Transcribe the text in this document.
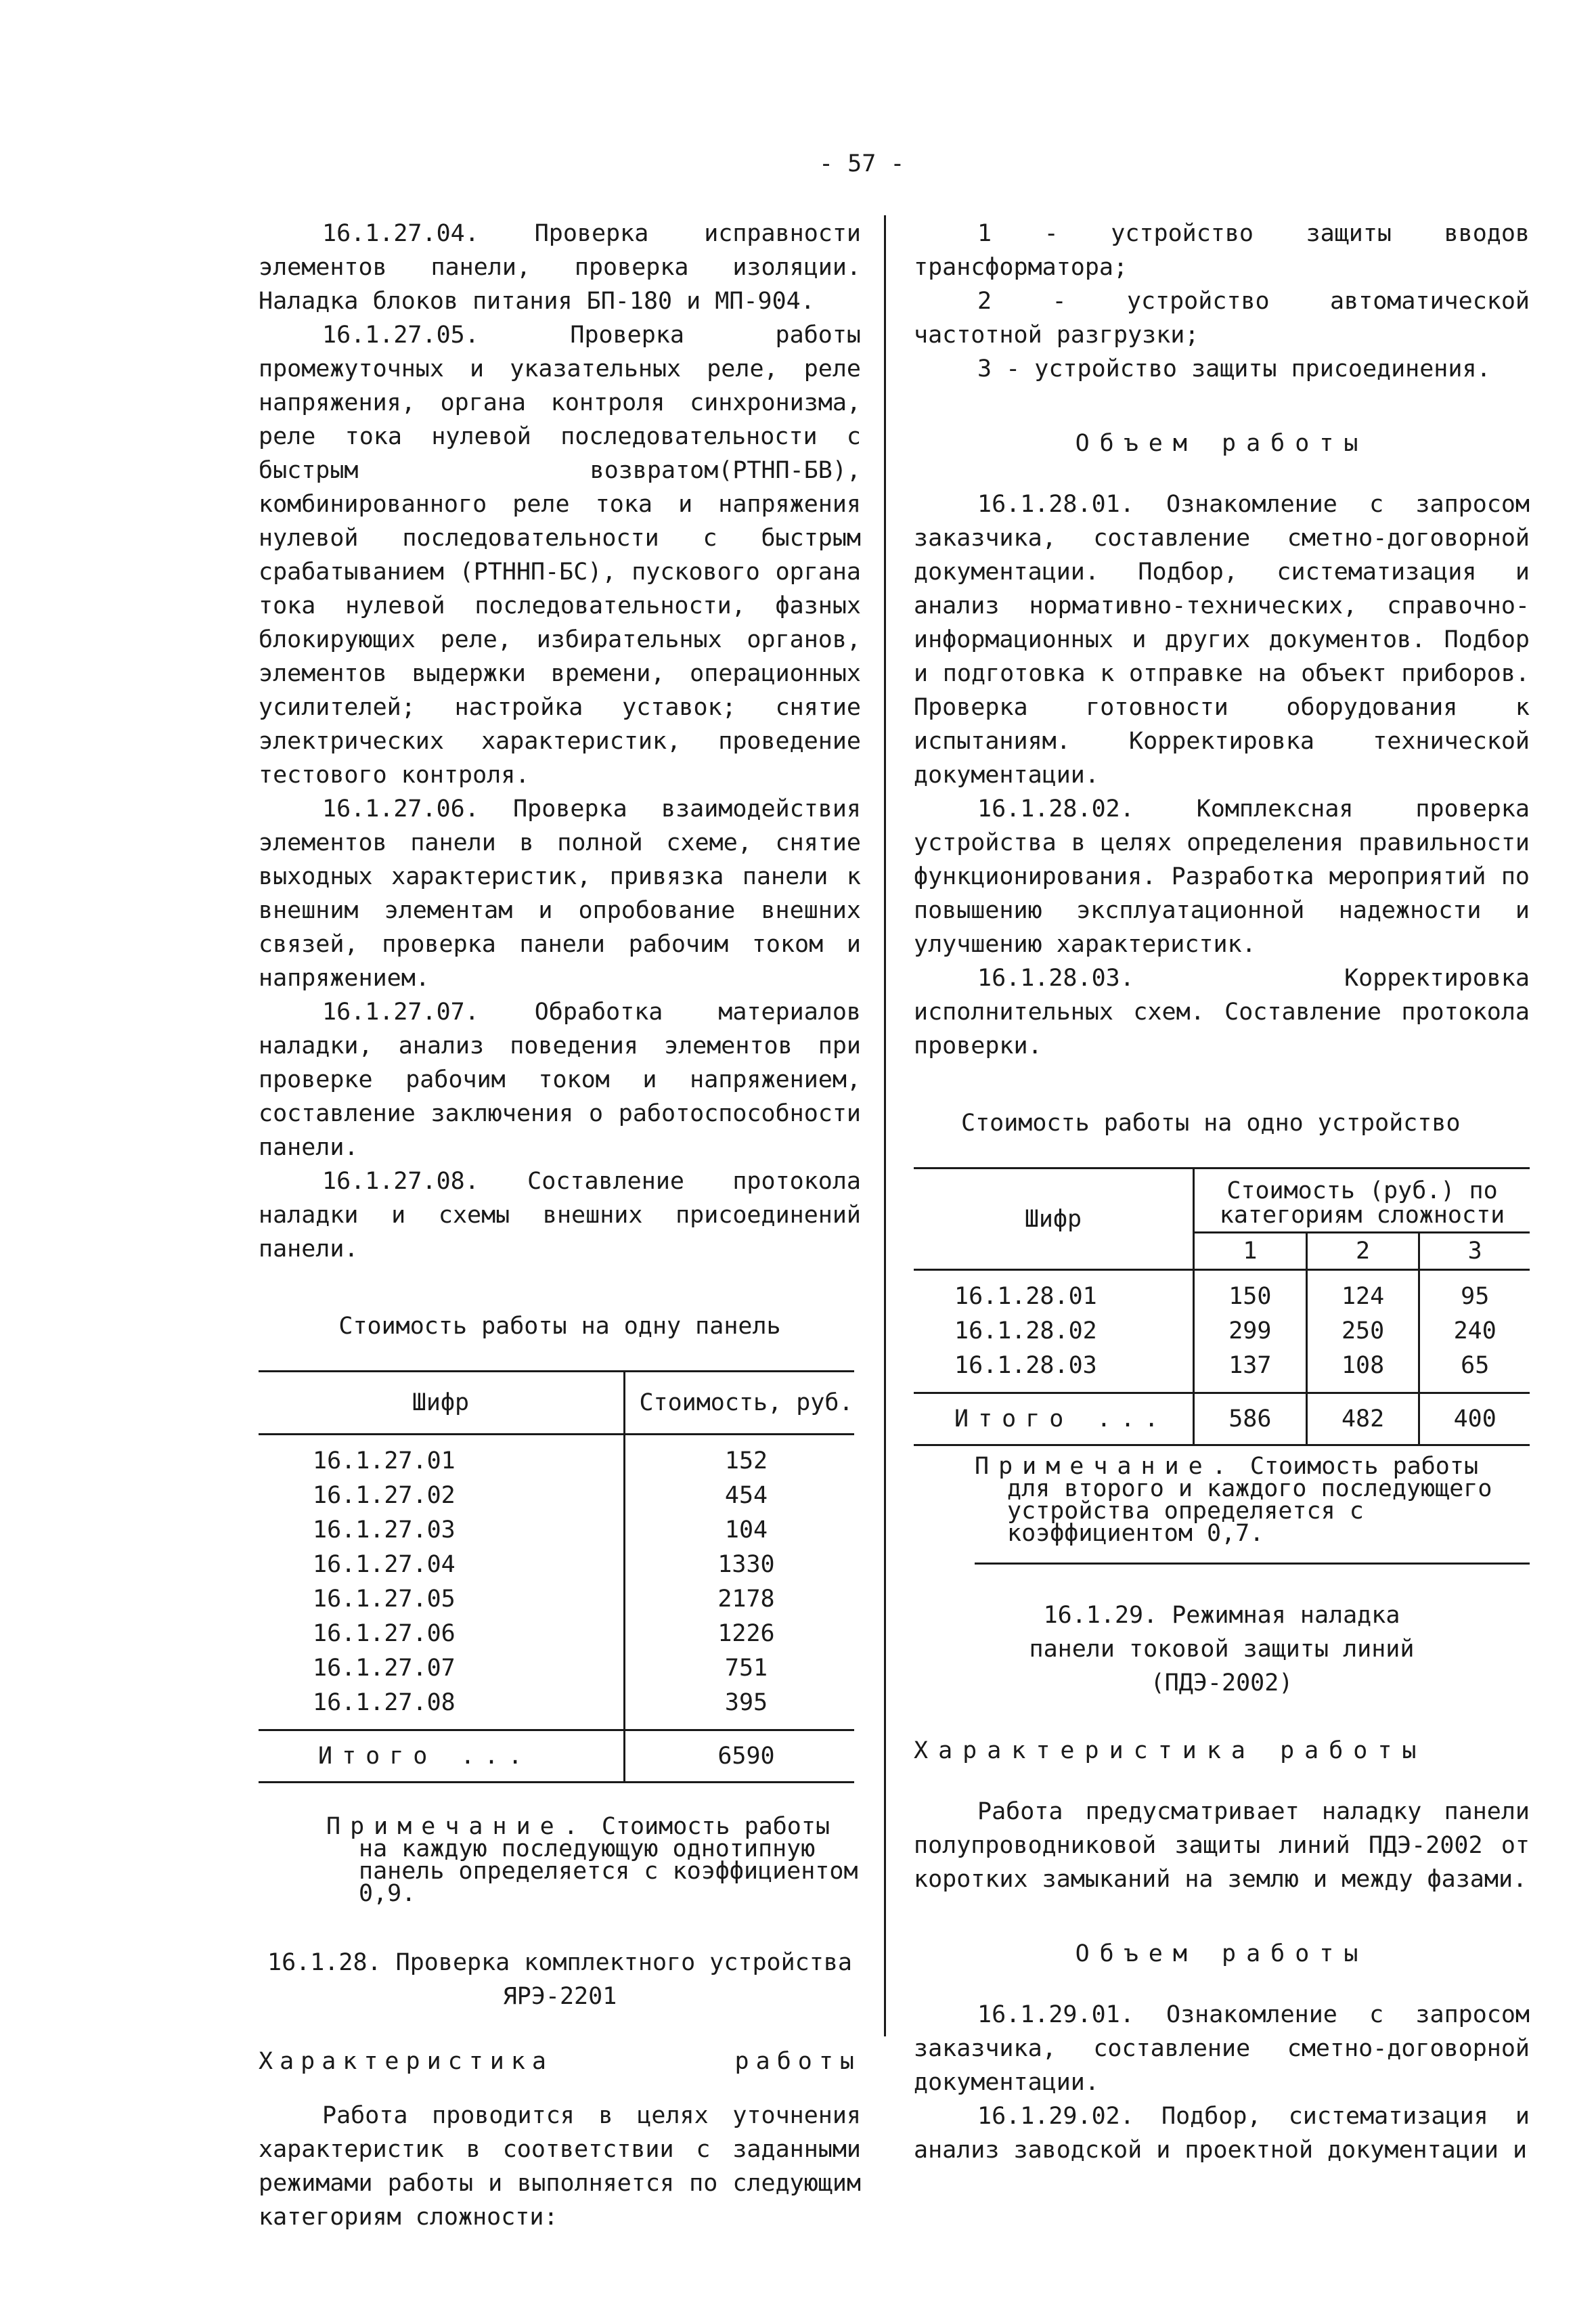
- 57 -

16.1.27.04. Проверка исправности элементов панели, проверка изоляции. Наладка блоков питания БП-180 и МП-904.

16.1.27.05. Проверка работы промежуточных и указательных реле, реле напряжения, органа контроля синхронизма, реле тока нулевой последовательности с быстрым возвратом(РТНП-БВ), комбинированного реле тока и напряжения нулевой последовательности с быстрым срабатыванием (РТННП-БС), пускового органа тока нулевой последовательности, фазных блокирующих реле, избирательных органов, элементов выдержки времени, операционных усилителей; настройка уставок; снятие электрических характеристик, проведение тестового контроля.

16.1.27.06. Проверка взаимодействия элементов панели в полной схеме, снятие выходных характеристик, привязка панели к внешним элементам и опробование внешних связей, проверка панели рабочим током и напряжением.

16.1.27.07. Обработка материалов наладки, анализ поведения элементов при проверке рабочим током и напряжением, составление заключения о работоспособности панели.

16.1.27.08. Составление протокола наладки и схемы внешних присоединений панели.

Стоимость работы на одну панель
Шифр	Стоимость, руб.
16.1.27.01	152
16.1.27.02	454
16.1.27.03	104
16.1.27.04	1330
16.1.27.05	2178
16.1.27.06	1226
16.1.27.07	751
16.1.27.08	395
Итого ...	6590
Примечание. Стоимость работы
на каждую последующую однотипную панель определяется с коэффициентом 0,9.

16.1.28. Проверка комплектного устройства ЯРЭ-2201

Характеристика работы

Работа проводится в целях уточнения характеристик в соответствии с заданными режимами работы и выполняется по следующим категориям сложности:

1 - устройство защиты вводов трансформатора;

2 - устройство автоматической частотной разгрузки;

3 - устройство защиты присоединения.

Объем работы

16.1.28.01. Ознакомление с запросом заказчика, составление сметно-договорной документации. Подбор, систематизация и анализ нормативно-технических, справочно-информационных и других документов. Подбор и подготовка к отправке на объект приборов. Проверка готовности оборудования к испытаниям. Корректировка технической документации.

16.1.28.02. Комплексная проверка устройства в целях определения правильности функционирования. Разработка мероприятий по повышению эксплуатационной надежности и улучшению характеристик.

16.1.28.03. Корректировка исполнительных схем. Составление протокола проверки.

Стоимость работы на одно устройство
Шифр	Стоимость (руб.) по категориям сложности		
	1	2	3
16.1.28.01	150	124	95
16.1.28.02	299	250	240
16.1.28.03	137	108	65
Итого ...	586	482	400
Примечание. Стоимость работы
для второго и каждого последующего устройства определяется с коэффициентом 0,7.

16.1.29. Режимная наладка панели токовой защиты линий (ПДЭ-2002)

Характеристика работы

Работа предусматривает наладку панели полупроводниковой защиты линий ПДЭ-2002 от коротких замыканий на землю и между фазами.

Объем работы

16.1.29.01. Ознакомление с запросом заказчика, составление сметно-договорной документации.

16.1.29.02. Подбор, систематизация и анализ заводской и проектной документации и
